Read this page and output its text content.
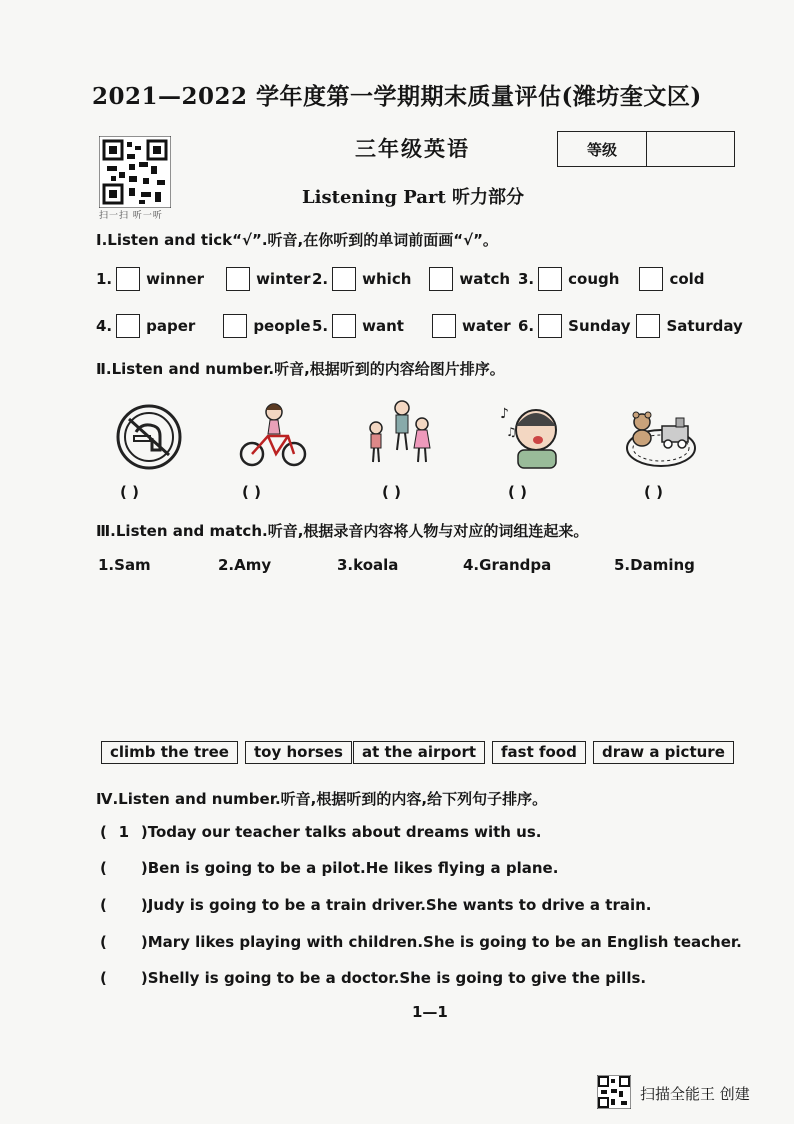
2021—2022 学年度第一学期期末质量评估(潍坊奎文区)
扫一扫 听一听
三年级英语	等级
Listening Part 听力部分
Ⅰ.Listen and tick“√”.听音,在你听到的单词前面画“√”。
1. winner	winter 2. which	watch 3. cough	cold
4. paper	people 5. want	water 6. Sunday Saturday
Ⅱ.Listen and number.听音,根据听到的内容给图片排序。
♪
♫
( )	( )	( )	( )	( )
Ⅲ.Listen and match.听音,根据录音内容将人物与对应的词组连起来。
1.Sam	2.Amy	3.koala	4.Grandpa	5.Daming
climb the tree	toy horses	at the airport	fast food	draw a picture
Ⅳ.Listen and number.听音,根据听到的内容,给下列句子排序。
( 1 )Today our teacher talks about dreams with us.
( )Ben is going to be a pilot.He likes flying a plane.
( )Judy is going to be a train driver.She wants to drive a train.
( )Mary likes playing with children.She is going to be an English teacher.
( )Shelly is going to be a doctor.She is going to give the pills.
1—1
扫描全能王 创建
